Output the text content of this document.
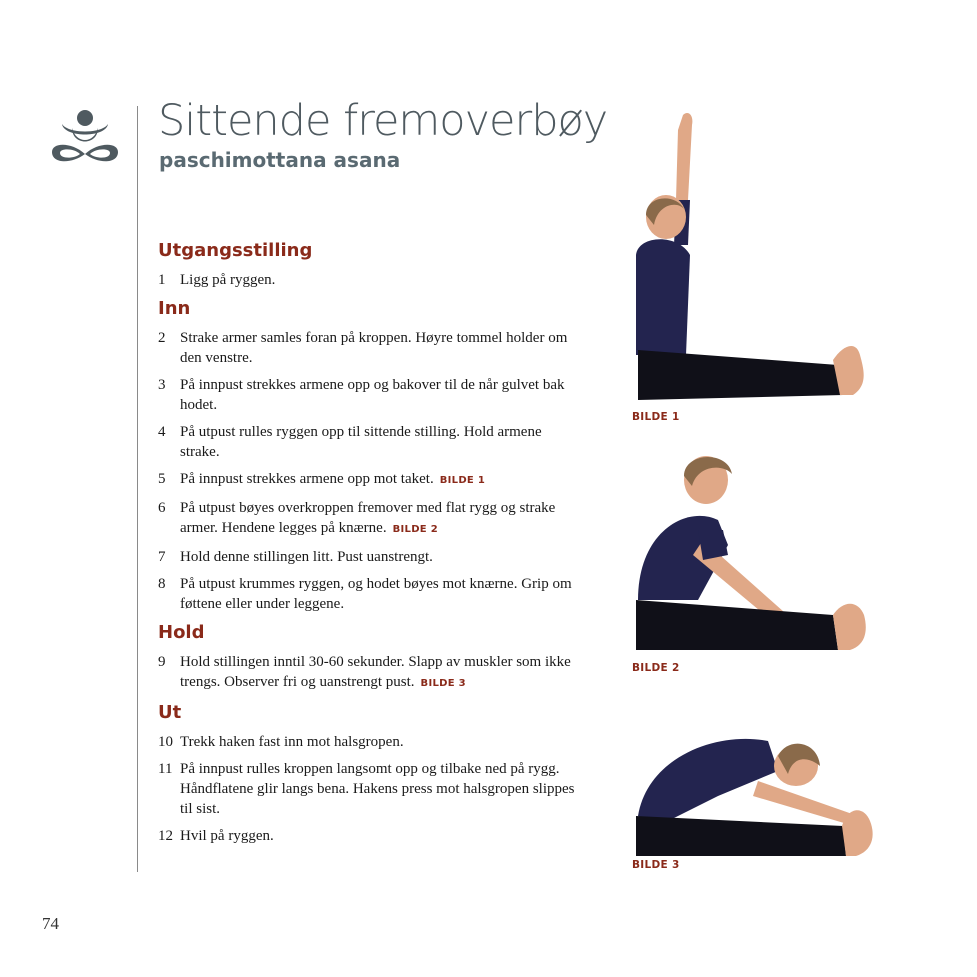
Sittende fremoverbøy
paschimottana asana
Utgangsstilling
1 Ligg på ryggen.
Inn
2 Strake armer samles foran på kroppen. Høyre tommel holder om den venstre.
3 På innpust strekkes armene opp og bakover til de når gulvet bak hodet.
4 På utpust rulles ryggen opp til sittende stilling. Hold armene strake.
5 På innpust strekkes armene opp mot taket. BILDE 1
6 På utpust bøyes overkroppen fremover med flat rygg og strake armer. Hendene legges på knærne. BILDE 2
7 Hold denne stillingen litt. Pust uanstrengt.
8 På utpust krummes ryggen, og hodet bøyes mot knærne. Grip om føttene eller under leggene.
Hold
9 Hold stillingen inntil 30-60 sekunder. Slapp av muskler som ikke trengs. Observer fri og uanstrengt pust. BILDE 3
Ut
10 Trekk haken fast inn mot halsgropen.
11 På innpust rulles kroppen langsomt opp og tilbake ned på rygg. Håndflatene glir langs bena. Hakens press mot halsgropen slippes til sist.
12 Hvil på ryggen.
BILDE 1
BILDE 2
BILDE 3
74
